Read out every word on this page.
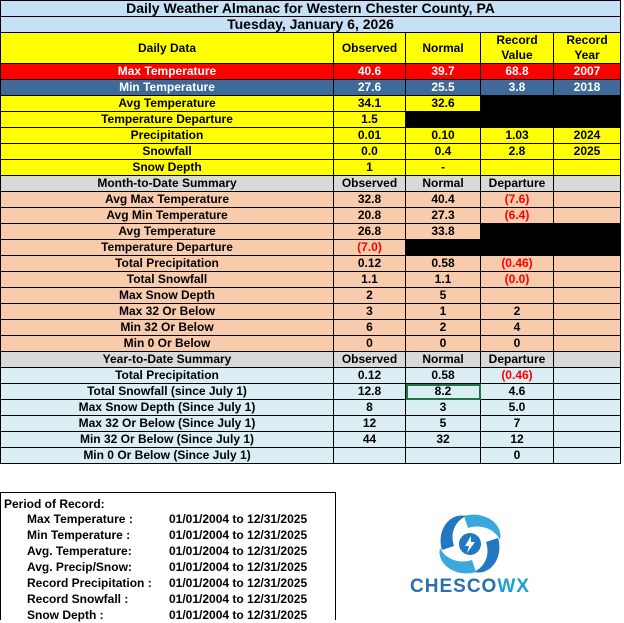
Daily Weather Almanac for Western Chester County, PA				
Tuesday, January 6, 2026				
Daily Data	Observed	Normal	Record Value	Record Year
Max Temperature	40.6	39.7	68.8	2007
Min Temperature	27.6	25.5	3.8	2018
Avg Temperature	34.1	32.6		
Temperature Departure	1.5			
Precipitation	0.01	0.10	1.03	2024
Snowfall	0.0	0.4	2.8	2025
Snow Depth	1	-		
Month-to-Date Summary	Observed	Normal	Departure	
Avg Max Temperature	32.8	40.4	(7.6)	
Avg Min Temperature	20.8	27.3	(6.4)	
Avg Temperature	26.8	33.8		
Temperature Departure	(7.0)			
Total Precipitation	0.12	0.58	(0.46)	
Total Snowfall	1.1	1.1	(0.0)	
Max Snow Depth	2	5		
Max 32 Or Below	3	1	2	
Min 32 Or Below	6	2	4	
Min 0 Or Below	0	0	0	
Year-to-Date Summary	Observed	Normal	Departure	
Total Precipitation	0.12	0.58	(0.46)	
Total Snowfall (since July 1)	12.8	8.2	4.6	
Max Snow Depth (Since July 1)	8	3	5.0	
Max 32 Or Below (Since July 1)	12	5	7	
Min 32 Or Below (Since July 1)	44	32	12	
Min 0 Or Below (Since July 1)			0	
Period of Record:
Max Temperature :	01/01/2004 to 12/31/2025
Min Temperature :	01/01/2004 to 12/31/2025
Avg. Temperature:	01/01/2004 to 12/31/2025
Avg. Precip/Snow:	01/01/2004 to 12/31/2025
Record Precipitation : 01/01/2004 to 12/31/2025
Record Snowfall :	01/01/2004 to 12/31/2025
Snow Depth :	01/01/2004 to 12/31/2025
CHESCOWX
